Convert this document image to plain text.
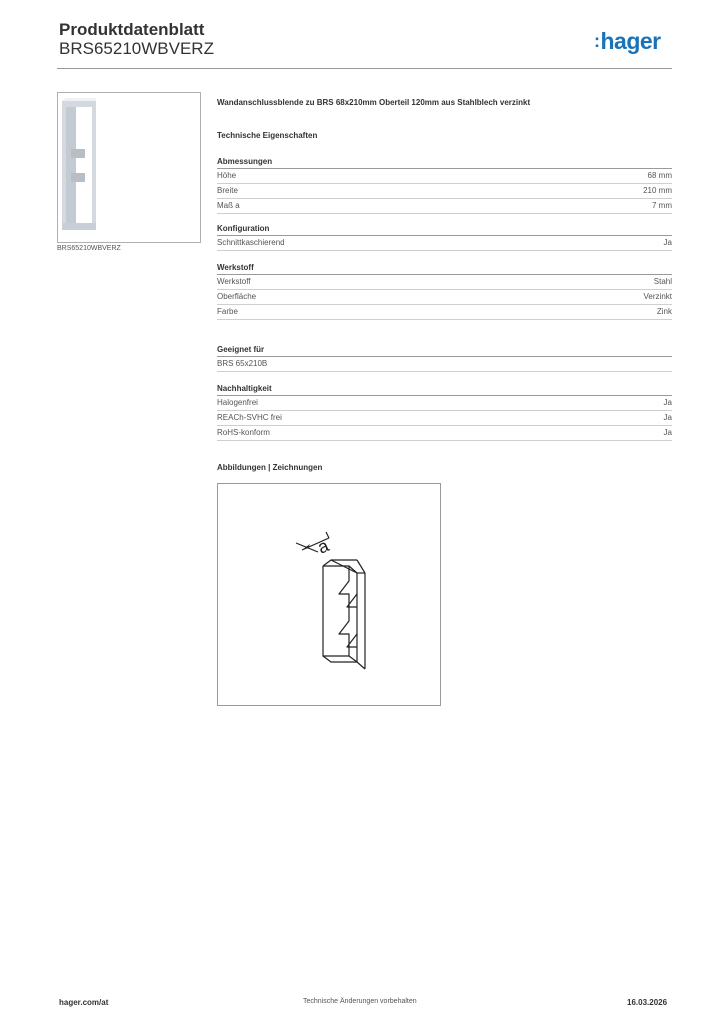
Produktdatenblatt
BRS65210WBVERZ	:hager
BRS65210WBVERZ
Wandanschlussblende zu BRS 68x210mm Oberteil 120mm aus Stahlblech verzinkt
Technische Eigenschaften
Abmessungen
Höhe	68 mm
Breite	210 mm
Maß a	7 mm
Konfiguration
Schnittkaschierend	Ja
Werkstoff
Werkstoff	Stahl
Oberfläche	Verzinkt
Farbe	Zink
Geeignet für
BRS 65x210B
Nachhaltigkeit
Halogenfrei	Ja
REACh-SVHC frei	Ja
RoHS-konform	Ja
Abbildungen | Zeichnungen
a
hager.com/at	Technische Änderungen vorbehalten	16.03.2026
